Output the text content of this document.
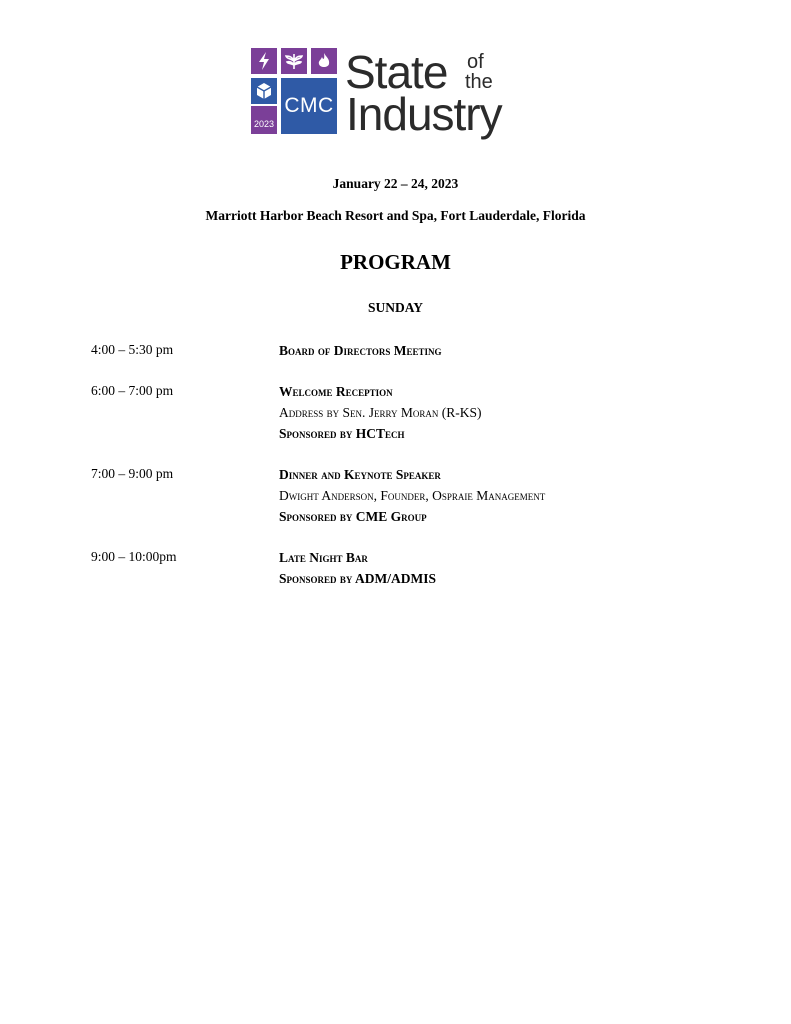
2023
CMC
State of
the
Industry
January 22 – 24, 2023
Marriott Harbor Beach Resort and Spa, Fort Lauderdale, Florida
PROGRAM
SUNDAY
4:00 – 5:30 pm	Board of Directors Meeting
6:00 – 7:00 pm	Welcome Reception
Address by Sen. Jerry Moran (R-KS)
Sponsored by HCTech
7:00 – 9:00 pm	Dinner and Keynote Speaker
Dwight Anderson, Founder, Ospraie Management
Sponsored by CME Group
9:00 – 10:00pm	Late Night Bar
Sponsored by ADM/ADMIS
